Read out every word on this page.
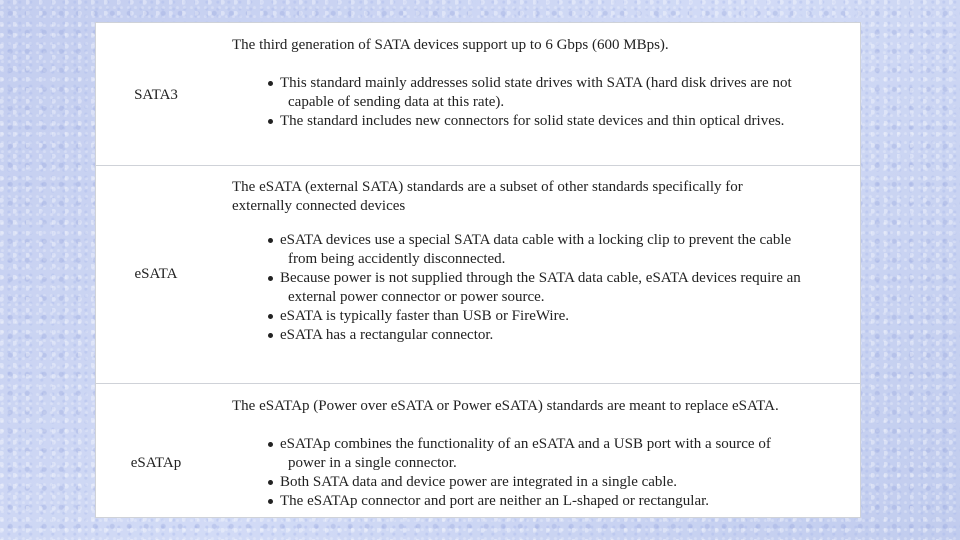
SATA3

The third generation of SATA devices support up to 6 Gbps (600 MBps).

This standard mainly addresses solid state drives with SATA (hard disk drives are not capable of sending data at this rate).
The standard includes new connectors for solid state devices and thin optical drives.
eSATA

The eSATA (external SATA) standards are a subset of other standards specifically for externally connected devices

eSATA devices use a special SATA data cable with a locking clip to prevent the cable from being accidently disconnected.
Because power is not supplied through the SATA data cable, eSATA devices require an external power connector or power source.
eSATA is typically faster than USB or FireWire.
eSATA has a rectangular connector.
eSATAp

The eSATAp (Power over eSATA or Power eSATA) standards are meant to replace eSATA.

eSATAp combines the functionality of an eSATA and a USB port with a source of power in a single connector.
Both SATA data and device power are integrated in a single cable.
The eSATAp connector and port are neither an L-shaped or rectangular.
